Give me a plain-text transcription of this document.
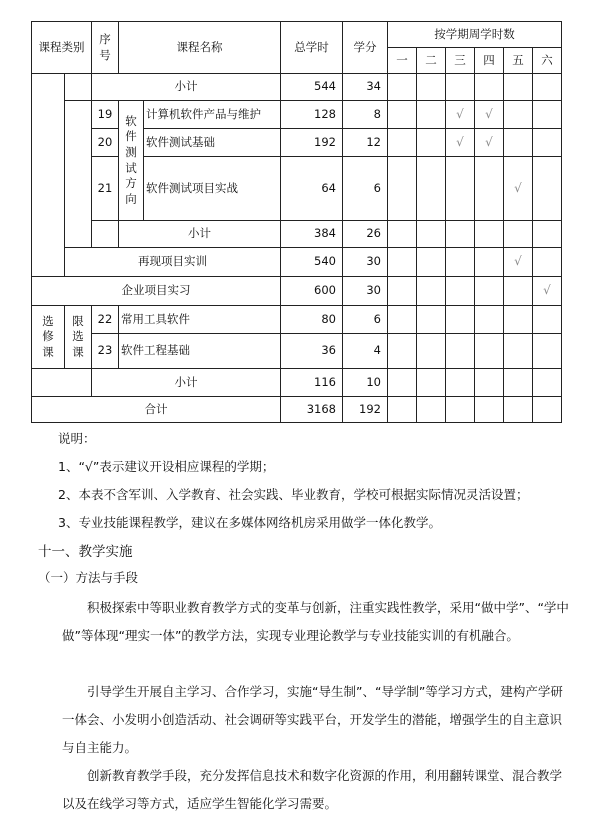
课程类别		序号	课程名称		总学时	学分	按学期周学时数					
							一	二	三	四	五	六
		小计			544	34						
		19	软件测试方向	计算机软件产品与维护	128	8			√	√		
		20		软件测试基础	192	12			√	√		
		21		软件测试项目实战	64	6					√	
			小计		384	26						
	再现项目实训				540	30					√	
企业项目实习					600	30						√

选修课	限选课	22	常用工具软件		80	6						
		23	软件工程基础		36	4						
		小计			116	10						
合计					3168	192						

说明：

1、“√”表示建议开设相应课程的学期；

2、本表不含军训、入学教育、社会实践、毕业教育，学校可根据实际情况灵活设置；

3、专业技能课程教学，建议在多媒体网络机房采用做学一体化教学。

十一、教学实施
（一）方法与手段

积极探索中等职业教育教学方式的变革与创新，注重实践性教学，采用“做中学”、“学中做”等体现“理实一体”的教学方法，实现专业理论教学与专业技能实训的有机融合。

引导学生开展自主学习、合作学习，实施“导生制”、“导学制”等学习方式，建构产学研一体会、小发明小创造活动、社会调研等实践平台，开发学生的潜能，增强学生的自主意识与自主能力。

创新教育教学手段，充分发挥信息技术和数字化资源的作用，利用翻转课堂、混合教学以及在线学习等方式，适应学生智能化学习需要。
